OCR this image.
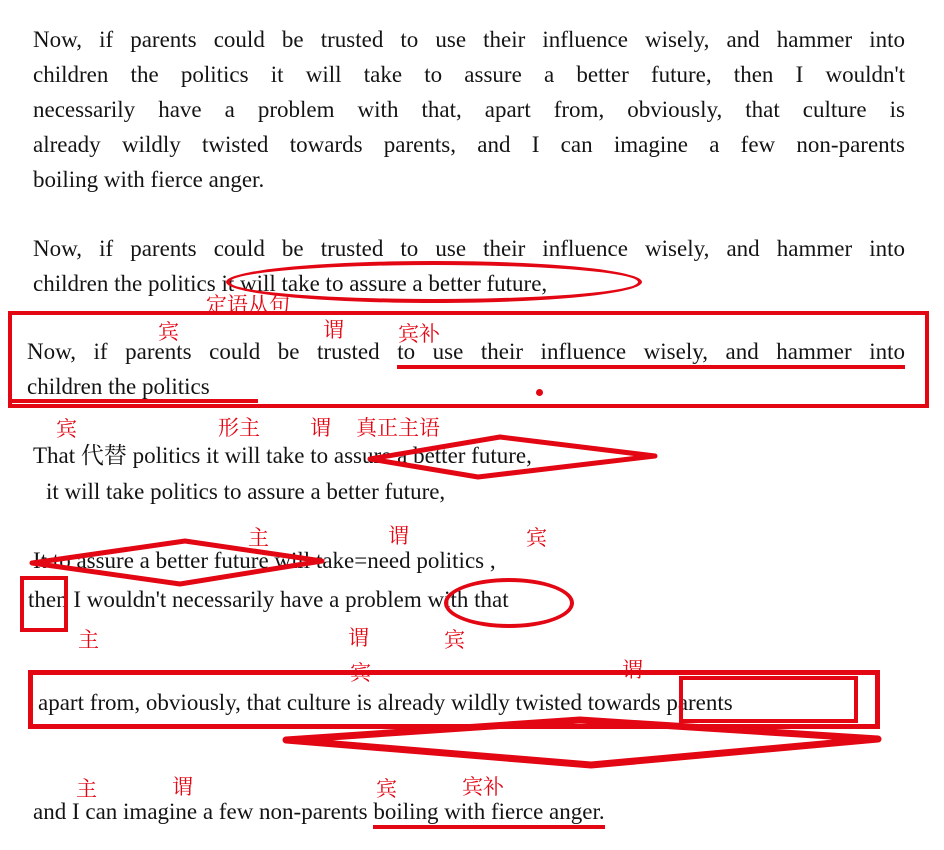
Now, if parents could be trusted to use their influence wisely, and hammer into
children the politics it will take to assure a better future, then I wouldn't
necessarily have a problem with that, apart from, obviously, that culture is
already wildly twisted towards parents, and I can imagine a few non-parents
boiling with fierce anger.
Now, if parents could be trusted to use their influence wisely, and hammer into
children the politics it will take to assure a better future,
定语从句
宾	谓	宾补
Now, if parents could be trusted to use their influence wisely, and hammer into
children the politics
宾	形主 谓 真正主语
That 代替 politics it will take to assure a better future,
it will take politics to assure a better future,
主	谓	宾
It to assure a better future will take=need politics ,
then I wouldn't necessarily have a problem with that
主	谓	宾
宾	谓
apart from, obviously, that culture is already wildly twisted towards parents
主	谓	宾	宾补
and I can imagine a few non-parents boiling with fierce anger.
